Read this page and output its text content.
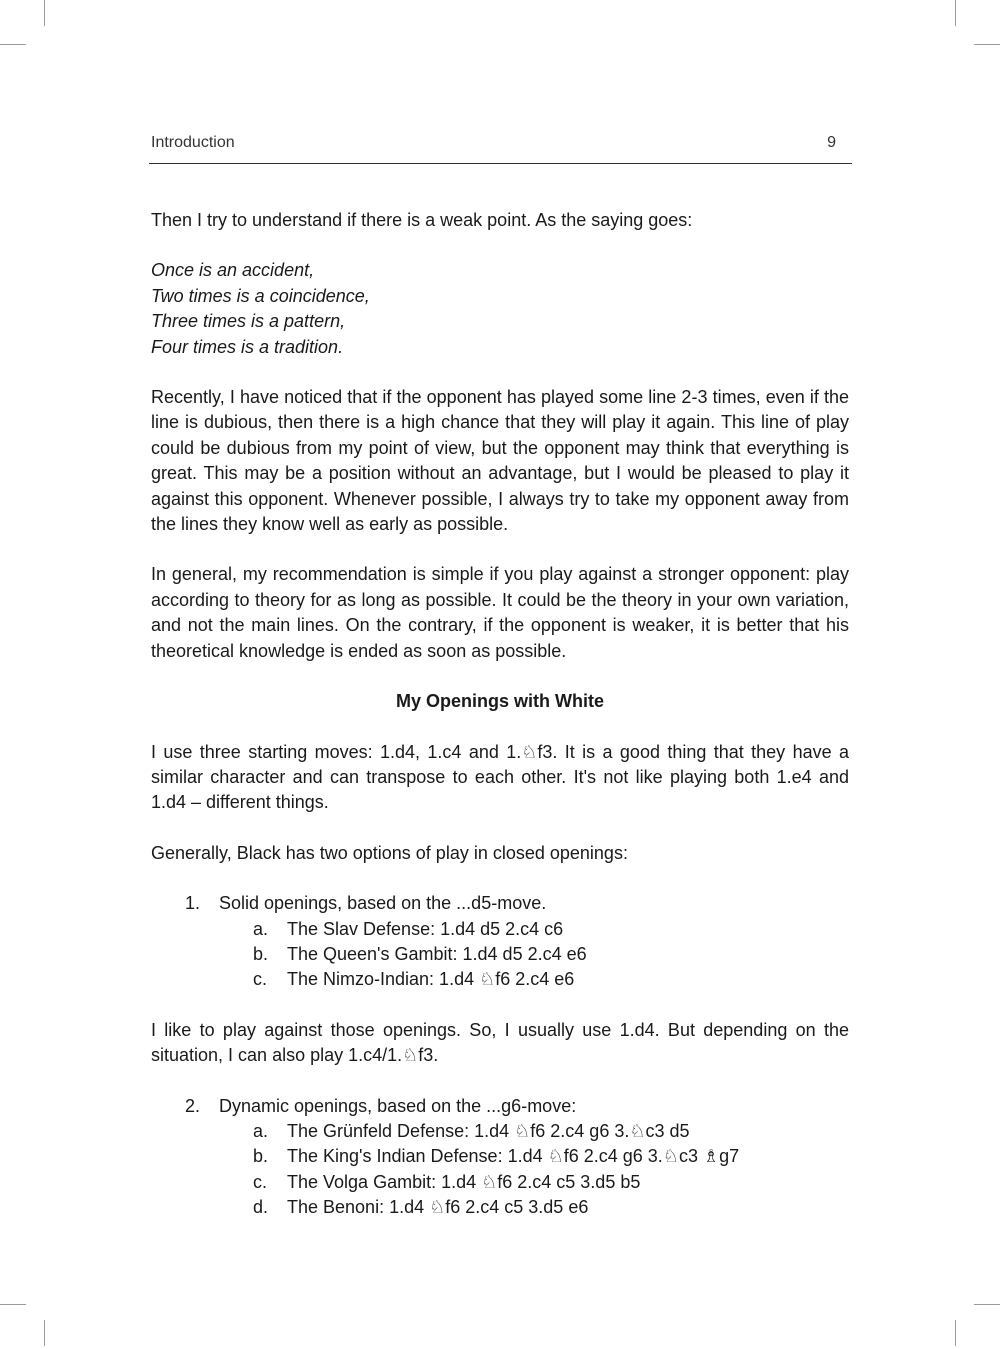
Introduction	9

Then I try to understand if there is a weak point. As the saying goes:

Once is an accident,
Two times is a coincidence,
Three times is a pattern,
Four times is a tradition.

Recently, I have noticed that if the opponent has played some line 2-3 times, even if the line is dubious, then there is a high chance that they will play it again. This line of play could be dubious from my point of view, but the opponent may think that everything is great. This may be a position without an advantage, but I would be pleased to play it against this opponent. Whenever possible, I always try to take my opponent away from the lines they know well as early as possible.

In general, my recommendation is simple if you play against a stronger opponent: play according to theory for as long as possible. It could be the theory in your own variation, and not the main lines. On the contrary, if the opponent is weaker, it is better that his theoretical knowledge is ended as soon as possible.

My Openings with White

I use three starting moves: 1.d4, 1.c4 and 1.♘f3. It is a good thing that they have a similar character and can transpose to each other. It's not like playing both 1.e4 and 1.d4 – different things.

Generally, Black has two options of play in closed openings:

1. Solid openings, based on the ...d5-move.
a. The Slav Defense: 1.d4 d5 2.c4 c6
b. The Queen's Gambit: 1.d4 d5 2.c4 e6
c. The Nimzo-Indian: 1.d4 ♘f6 2.c4 e6

I like to play against those openings. So, I usually use 1.d4. But depending on the situation, I can also play 1.c4/1.♘f3.

2. Dynamic openings, based on the ...g6-move:
a. The Grünfeld Defense: 1.d4 ♘f6 2.c4 g6 3.♘c3 d5
b. The King's Indian Defense: 1.d4 ♘f6 2.c4 g6 3.♘c3 ♗g7
c. The Volga Gambit: 1.d4 ♘f6 2.c4 c5 3.d5 b5
d. The Benoni: 1.d4 ♘f6 2.c4 c5 3.d5 e6
